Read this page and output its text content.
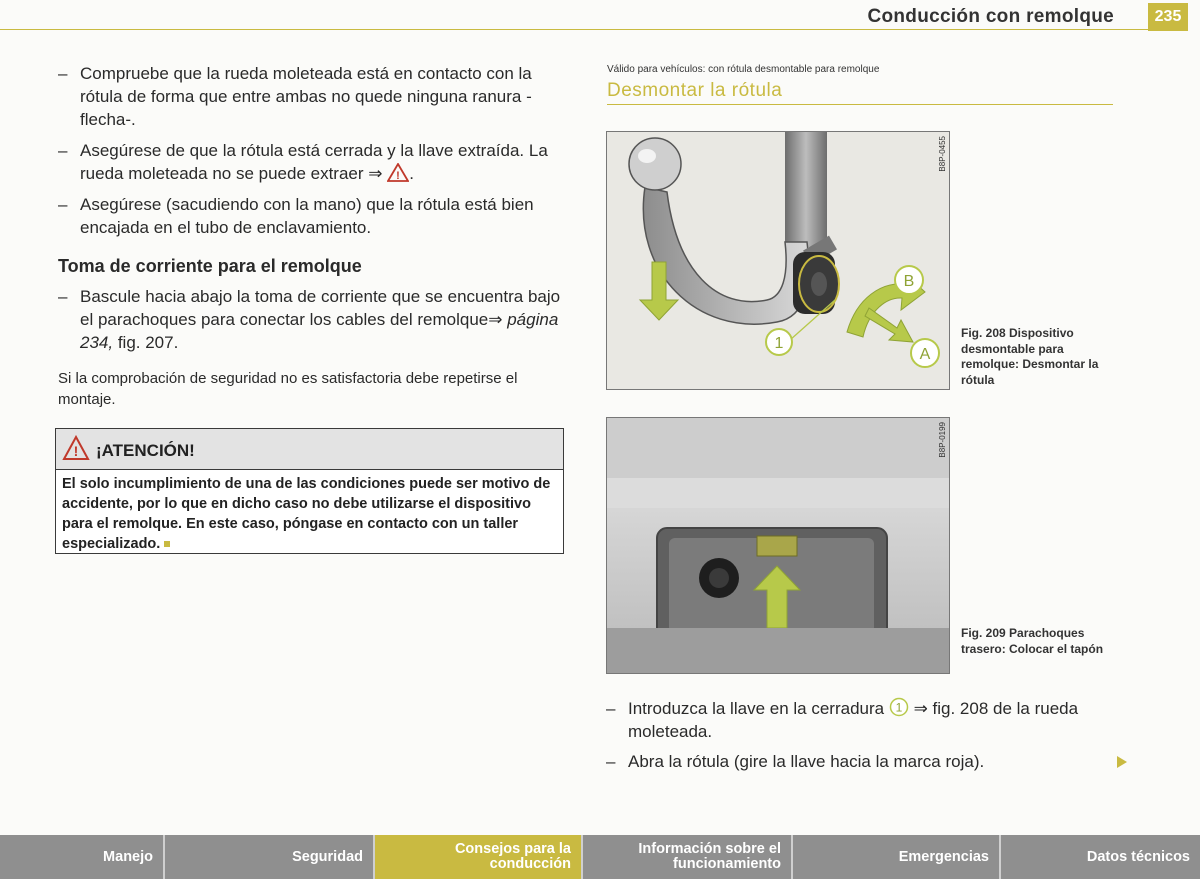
Conducción con remolque	235
– Compruebe que la rueda moleteada está en contacto con la rótula de forma que entre ambas no quede ninguna ranura -flecha-.
– Asegúrese de que la rótula está cerrada y la llave extraída. La rueda moleteada no se puede extraer ⇒ ! .
– Asegúrese (sacudiendo con la mano) que la rótula está bien encajada en el tubo de enclavamiento.
Toma de corriente para el remolque
– Bascule hacia abajo la toma de corriente que se encuentra bajo el parachoques para conectar los cables del remolque⇒ página 234, fig. 207.
Si la comprobación de seguridad no es satisfactoria debe repetirse el montaje.
! ¡ATENCIÓN!
El solo incumplimiento de una de las condiciones puede ser motivo de accidente, por lo que en dicho caso no debe utilizarse el dispositivo para el remolque. En este caso, póngase en contacto con un taller especializado.
Válido para vehículos: con rótula desmontable para remolque
Desmontar la rótula
1
B
A
B8P-0455
Fig. 208 Dispositivo desmontable para remolque: Desmontar la rótula
B8P-0199
Fig. 209 Parachoques trasero: Colocar el tapón
– Introduzca la llave en la cerradura 1 ⇒ fig. 208 de la rueda moleteada.
– Abra la rótula (gire la llave hacia la marca roja).
Manejo	Seguridad	Consejos para la conducción
Información sobre el funcionamiento	Emergencias	Datos técnicos
